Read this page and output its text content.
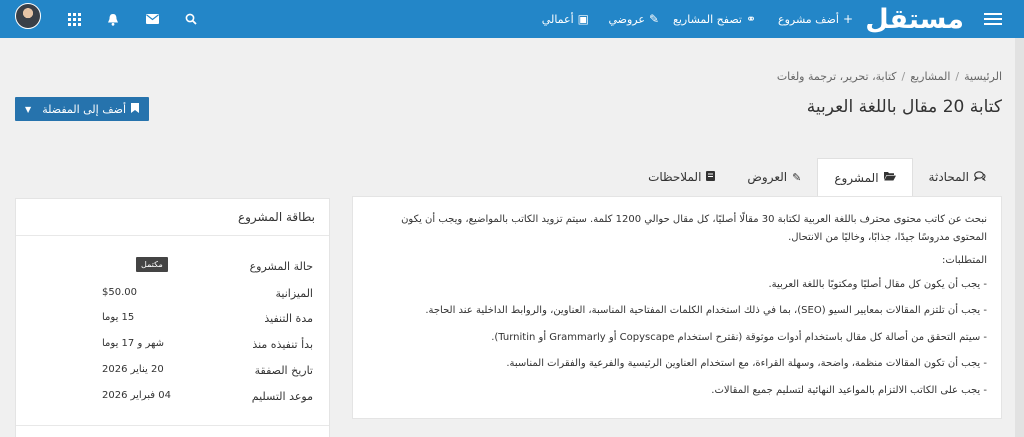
مستقل
+
أضف مشروع
⚭
تصفح المشاريع
✎
عروضي
▣
أعمالي
الرئيسية/المشاريع/كتابة، تحرير، ترجمة ولغات
كتابة 20 مقال باللغة العربية
أضف إلى المفضلة
▼
المحادثة
المشروع
✎
العروض
الملاحظات

نبحث عن كاتب محتوى محترف باللغة العربية لكتابة 30 مقالًا أصليًا، كل مقال حوالي 1200 كلمة. سيتم تزويد الكاتب بالمواضيع، ويجب أن يكون المحتوى مدروسًا جيدًا، جذابًا، وخاليًا من الانتحال.

المتطلبات:

- يجب أن يكون كل مقال أصليًا ومكتوبًا باللغة العربية.

- يجب أن تلتزم المقالات بمعايير السيو (SEO)، بما في ذلك استخدام الكلمات المفتاحية المناسبة، العناوين، والروابط الداخلية عند الحاجة.

- سيتم التحقق من أصالة كل مقال باستخدام أدوات موثوقة (نقترح استخدام Copyscape أو Grammarly أو Turnitin).

- يجب أن تكون المقالات منظمة، واضحة، وسهلة القراءة، مع استخدام العناوين الرئيسية والفرعية والفقرات المناسبة.

- يجب على الكاتب الالتزام بالمواعيد النهائية لتسليم جميع المقالات.

بطاقة المشروع
حالة المشروع
مكتمل
الميزانية
$50.00
مدة التنفيذ
15 يوما
بدأ تنفيذه منذ
شهر و 17 يوما
تاريخ الصفقة
20 يناير 2026
موعد التسليم
04 فبراير 2026
